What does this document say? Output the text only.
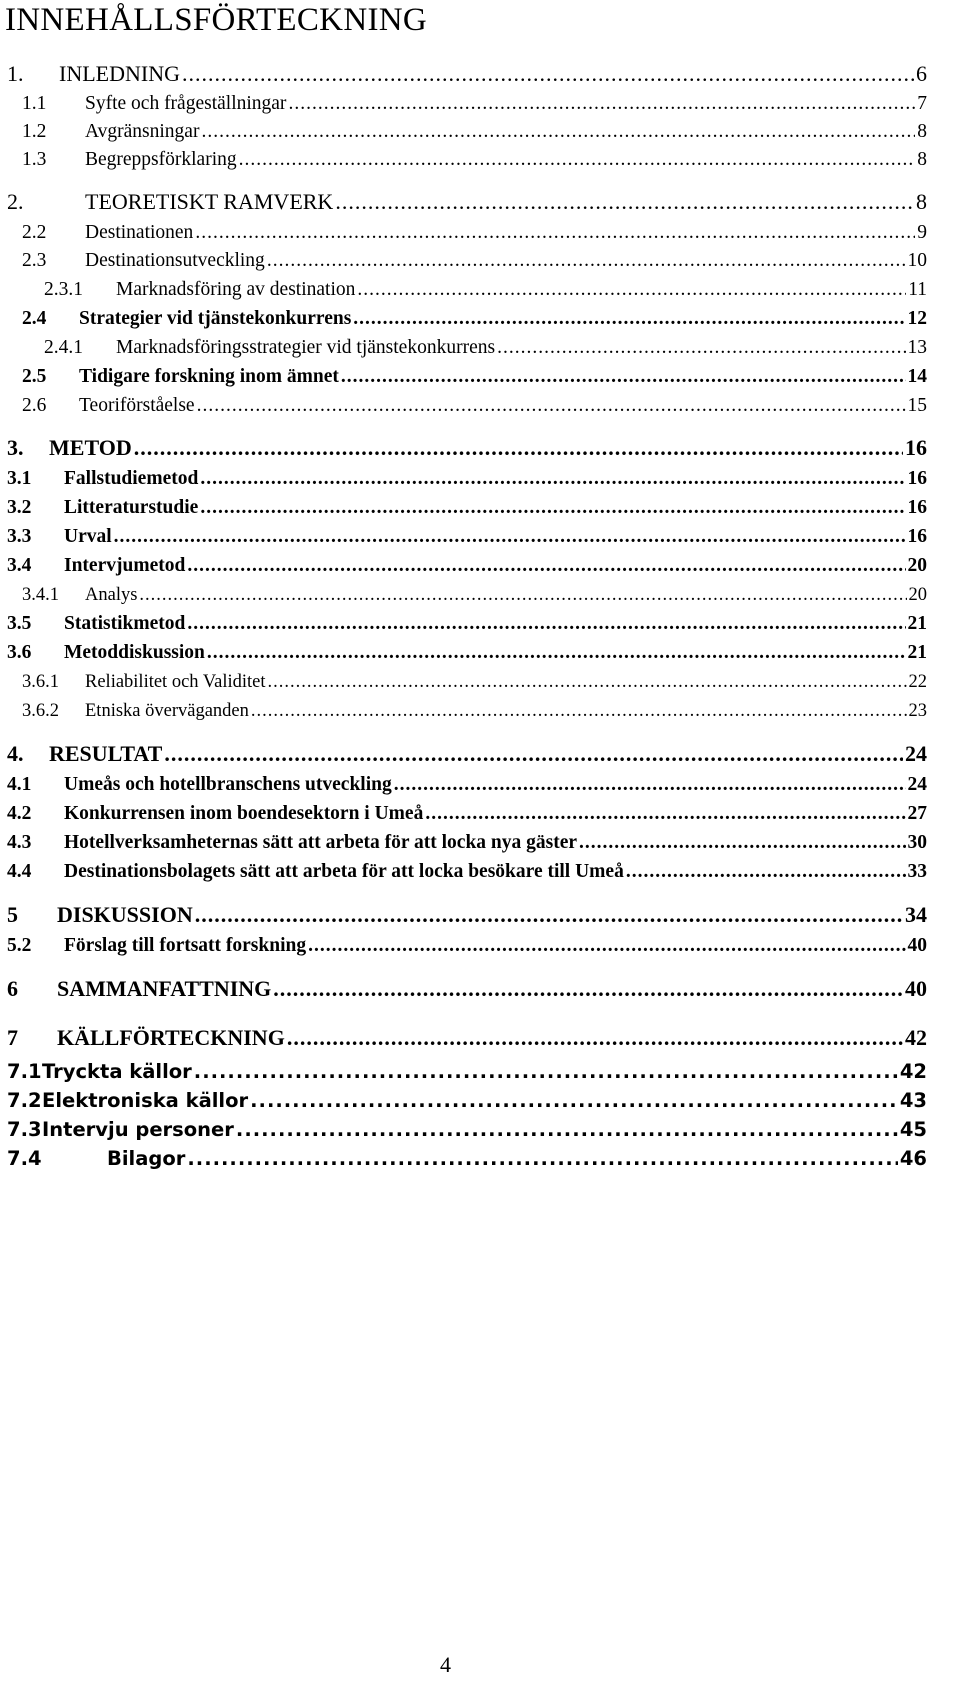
INNEHÅLLSFÖRTECKNING
1.	INLEDNING .....	6
1.1	Syfte och frågeställningar .....	7
1.2	Avgränsningar .....	8
1.3	Begreppsförklaring .....	8
2.	TEORETISKT RAMVERK .....	8
2.2	Destinationen .....	9
2.3	Destinationsutveckling .....	10
2.3.1	Marknadsföring av destination .....	11
2.4	Strategier vid tjänstekonkurrens .....	12
2.4.1	Marknadsföringsstrategier vid tjänstekonkurrens .....	13
2.5	Tidigare forskning inom ämnet .....	14
2.6	Teoriförståelse .....	15
3.	METOD .....	16
3.1	Fallstudiemetod .....	16
3.2	Litteraturstudie .....	16
3.3	Urval .....	16
3.4	Intervjumetod .....	20
3.4.1	Analys .....	20
3.5	Statistikmetod .....	21
3.6	Metoddiskussion .....	21
3.6.1	Reliabilitet och Validitet .....	22
3.6.2	Etniska överväganden .....	23
4.	RESULTAT .....	24
4.1	Umeås och hotellbranschens utveckling .....	24
4.2	Konkurrensen inom boendesektorn i Umeå .....	27
4.3	Hotellverksamheternas sätt att arbeta för att locka nya gäster .....	30
4.4	Destinationsbolagets sätt att arbeta för att locka besökare till Umeå .....	33
5	DISKUSSION .....	34
5.2	Förslag till fortsatt forskning .....	40
6	SAMMANFATTNING .....	40
7	KÄLLFÖRTECKNING .....	42
7.1 Tryckta källor .....	42
7.2 Elektroniska källor .....	43
7.3 Intervju personer .....	45
7.4	Bilagor .....	46
4
